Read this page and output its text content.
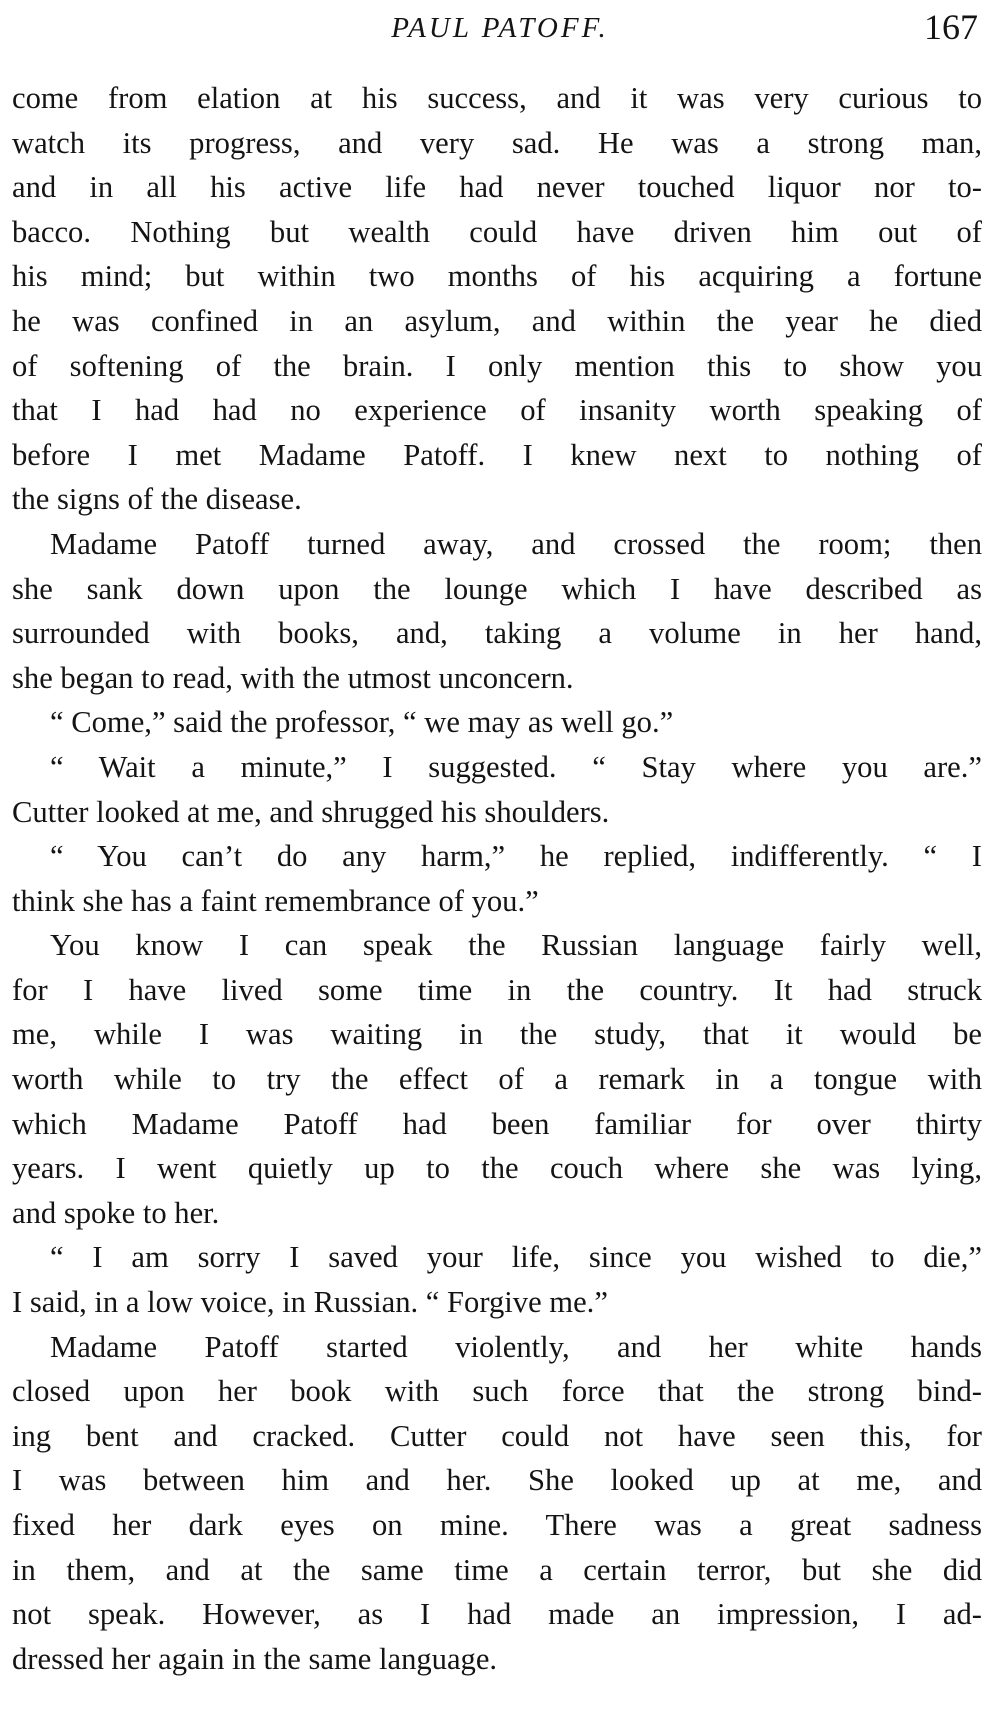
PAUL PATOFF.	167
come from elation at his success, and it was very curious to
watch its progress, and very sad. He was a strong man,
and in all his active life had never touched liquor nor to-
bacco. Nothing but wealth could have driven him out of
his mind; but within two months of his acquiring a fortune
he was confined in an asylum, and within the year he died
of softening of the brain. I only mention this to show you
that I had had no experience of insanity worth speaking of
before I met Madame Patoff. I knew next to nothing of
the signs of the disease.
Madame Patoff turned away, and crossed the room; then
she sank down upon the lounge which I have described as
surrounded with books, and, taking a volume in her hand,
she began to read, with the utmost unconcern.
“ Come,” said the professor, “ we may as well go.”
“ Wait a minute,” I suggested. “ Stay where you are.”
Cutter looked at me, and shrugged his shoulders.
“ You can’t do any harm,” he replied, indifferently. “ I
think she has a faint remembrance of you.”
You know I can speak the Russian language fairly well,
for I have lived some time in the country. It had struck
me, while I was waiting in the study, that it would be
worth while to try the effect of a remark in a tongue with
which Madame Patoff had been familiar for over thirty
years. I went quietly up to the couch where she was lying,
and spoke to her.
“ I am sorry I saved your life, since you wished to die,”
I said, in a low voice, in Russian. “ Forgive me.”
Madame Patoff started violently, and her white hands
closed upon her book with such force that the strong bind-
ing bent and cracked. Cutter could not have seen this, for
I was between him and her. She looked up at me, and
fixed her dark eyes on mine. There was a great sadness
in them, and at the same time a certain terror, but she did
not speak. However, as I had made an impression, I ad-
dressed her again in the same language.
